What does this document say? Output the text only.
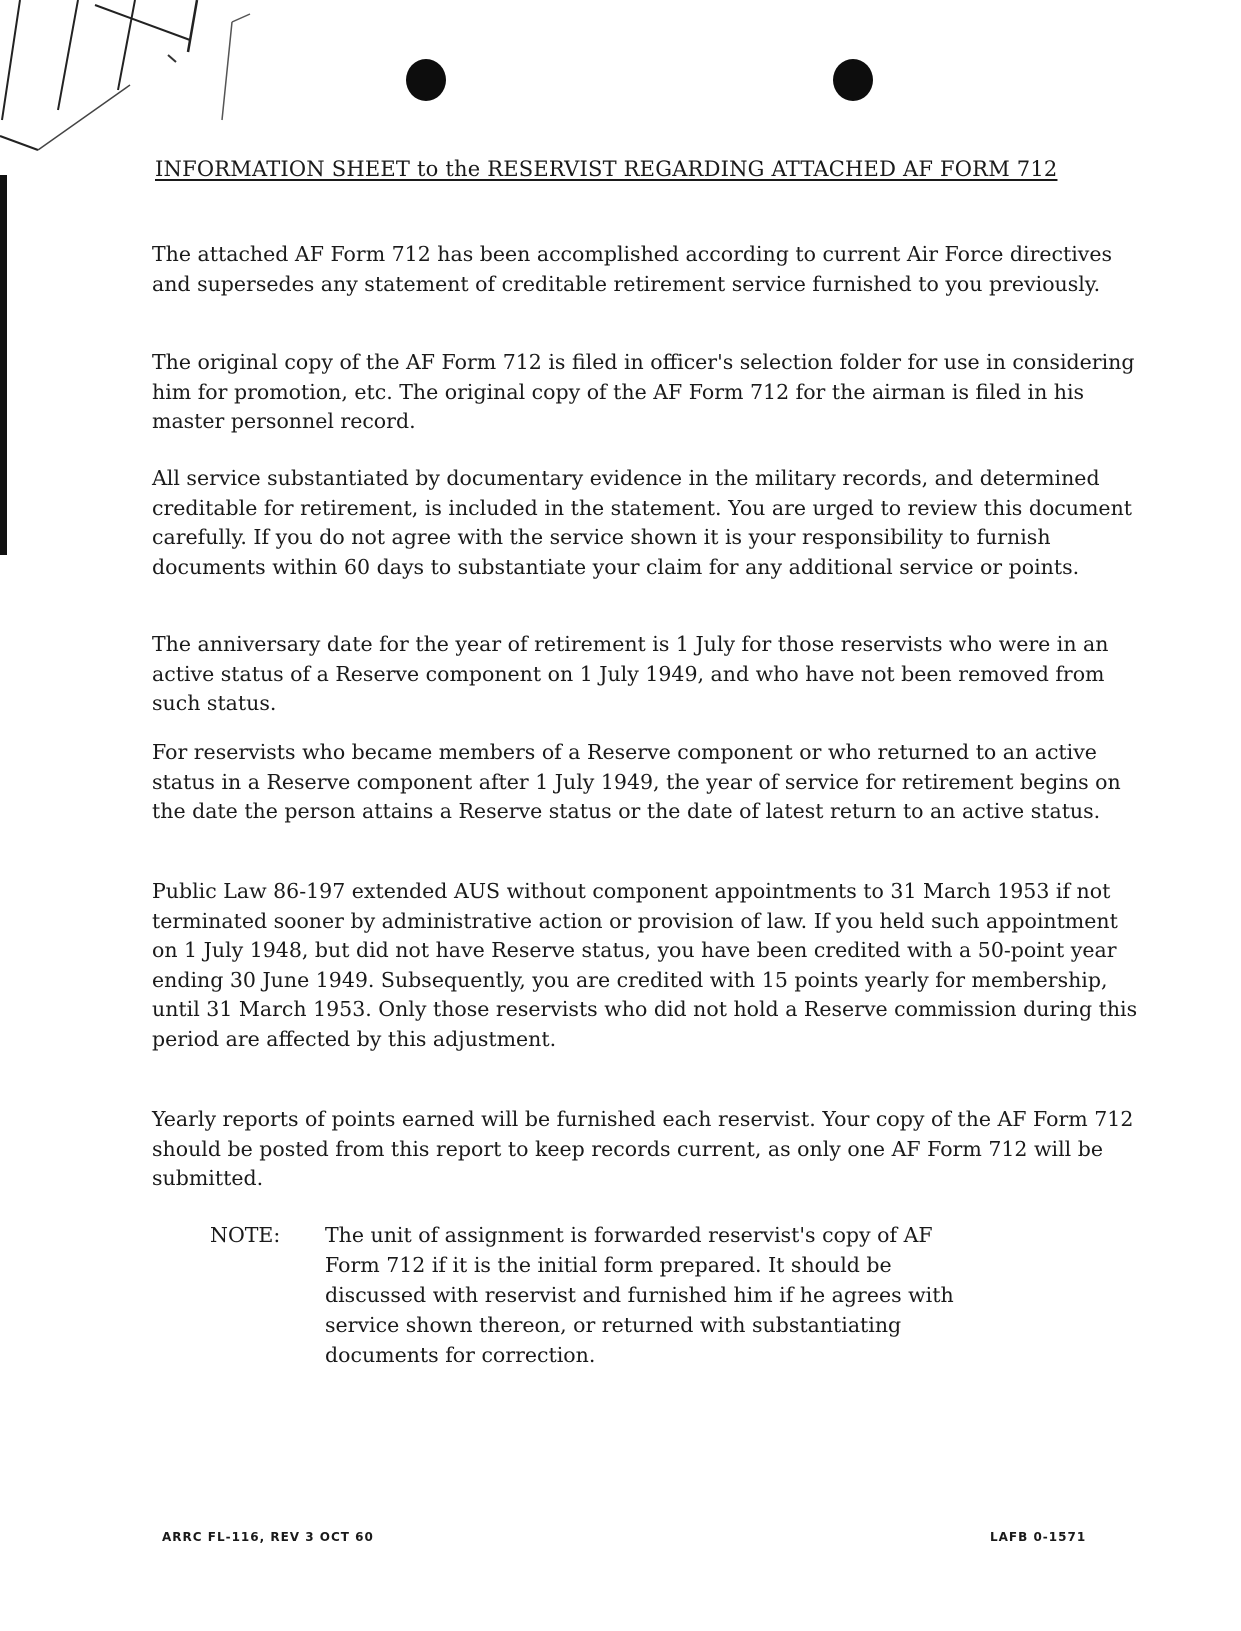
INFORMATION SHEET to the RESERVIST REGARDING ATTACHED AF FORM 712

The attached AF Form 712 has been accomplished according to current Air Force directives and supersedes any statement of creditable retirement service furnished to you previously.

The original copy of the AF Form 712 is filed in officer's selection folder for use in considering him for promotion, etc. The original copy of the AF Form 712 for the airman is filed in his master personnel record.

All service substantiated by documentary evidence in the military records, and determined creditable for retirement, is included in the statement. You are urged to review this document carefully. If you do not agree with the service shown it is your responsibility to furnish documents within 60 days to substantiate your claim for any additional service or points.

The anniversary date for the year of retirement is 1 July for those reservists who were in an active status of a Reserve component on 1 July 1949, and who have not been removed from such status.

For reservists who became members of a Reserve component or who returned to an active status in a Reserve component after 1 July 1949, the year of service for retirement begins on the date the person attains a Reserve status or the date of latest return to an active status.

Public Law 86-197 extended AUS without component appointments to 31 March 1953 if not terminated sooner by administrative action or provision of law. If you held such appointment on 1 July 1948, but did not have Reserve status, you have been credited with a 50-point year ending 30 June 1949. Subsequently, you are credited with 15 points yearly for membership, until 31 March 1953. Only those reservists who did not hold a Reserve commission during this period are affected by this adjustment.

Yearly reports of points earned will be furnished each reservist. Your copy of the AF Form 712 should be posted from this report to keep records current, as only one AF Form 712 will be submitted.

NOTE:	The unit of assignment is forwarded reservist's copy of AF Form 712 if it is the initial form prepared. It should be discussed with reservist and furnished him if he agrees with service shown thereon, or returned with substantiating documents for correction.
ARRC FL-116, REV 3 OCT 60	LAFB 0-1571
